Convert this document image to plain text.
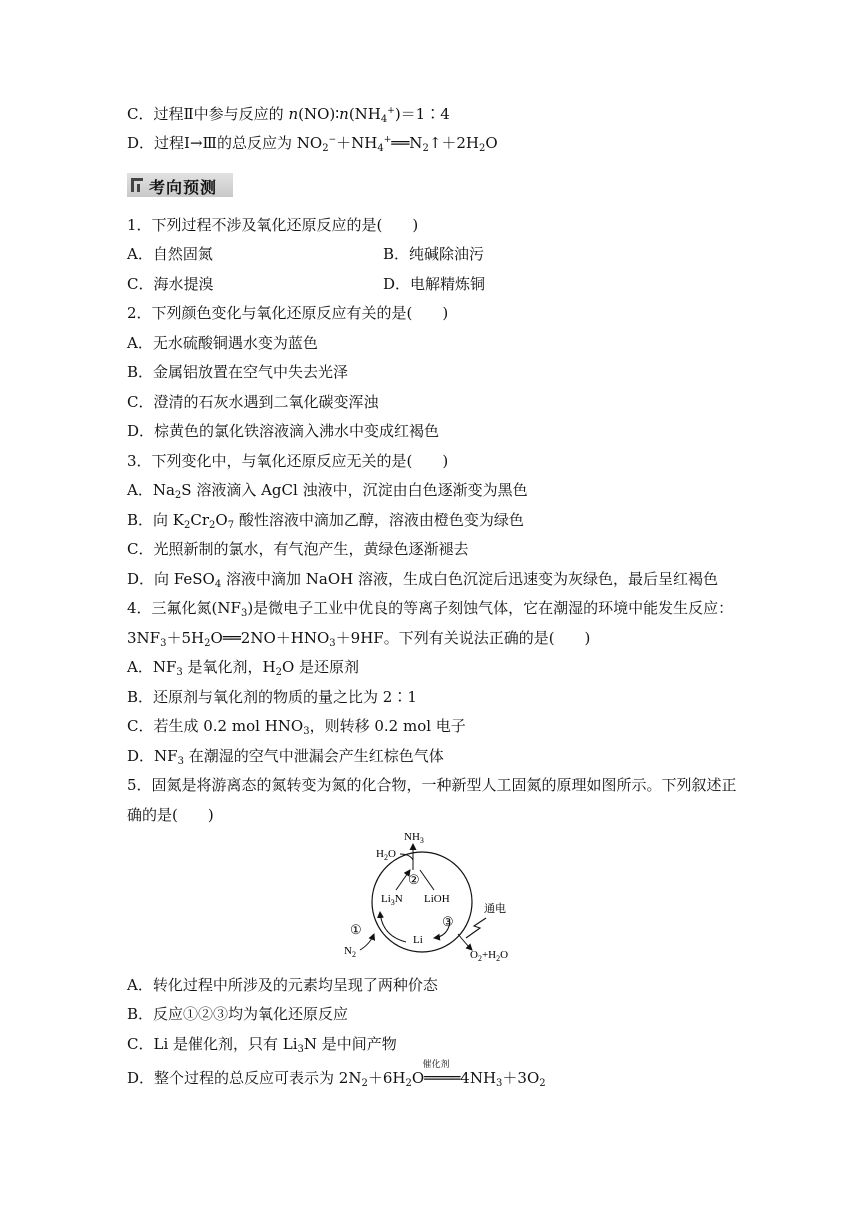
C．过程Ⅱ中参与反应的 $n(NO)∶n(NH_4^+)=1∶4$
D．过程Ⅰ→Ⅲ的总反应为 $NO_2^-+NH_4^+══N_2↑+2H_2O$
考向预测
1．下列过程不涉及氧化还原反应的是(　　)
A．自然固氮	B．纯碱除油污
C．海水提溴	D．电解精炼铜
2．下列颜色变化与氧化还原反应有关的是(　　)
A．无水硫酸铜遇水变为蓝色
B．金属铝放置在空气中失去光泽
C．澄清的石灰水遇到二氧化碳变浑浊
D．棕黄色的氯化铁溶液滴入沸水中变成红褐色
3．下列变化中，与氧化还原反应无关的是(　　)
A．$Na_2S$ 溶液滴入 AgCl 浊液中，沉淀由白色逐渐变为黑色
B．向 $K_2Cr_2O_7$ 酸性溶液中滴加乙醇，溶液由橙色变为绿色
C．光照新制的氯水，有气泡产生，黄绿色逐渐褪去
D．向 FeSO$_4$ 溶液中滴加 NaOH 溶液，生成白色沉淀后迅速变为灰绿色，最后呈红褐色
4．三氟化氮$(NF_3)$是微电子工业中优良的等离子刻蚀气体，它在潮湿的环境中能发生反应：
$3NF_3+5H_2O══2NO+HNO_3+9HF$。下列有关说法正确的是(　　)
A．$NF_3$ 是氧化剂，$H_2O$ 是还原剂
B．还原剂与氧化剂的物质的量之比为 2∶1
C．若生成 0.2 mol $HNO_3$，则转移 0.2 mol 电子
D．$NF_3$ 在潮湿的空气中泄漏会产生红棕色气体
5．固氮是将游离态的氮转变为氮的化合物，一种新型人工固氮的原理如图所示。下列叙述正
确的是(　　)
$NH_3$
$H_2O$
②
$Li_3N$ LiOH
③
①
Li
通电
$N_2$	$O_2+H_2O$
A．转化过程中所涉及的元素均呈现了两种价态
B．反应①②③均为氧化还原反应
C．Li 是催化剂，只有 $Li_3N$ 是中间产物
D．整个过程的总反应可表示为 $2N_2+6H_2$
催化剂
$O════4NH_3+3O_2$
